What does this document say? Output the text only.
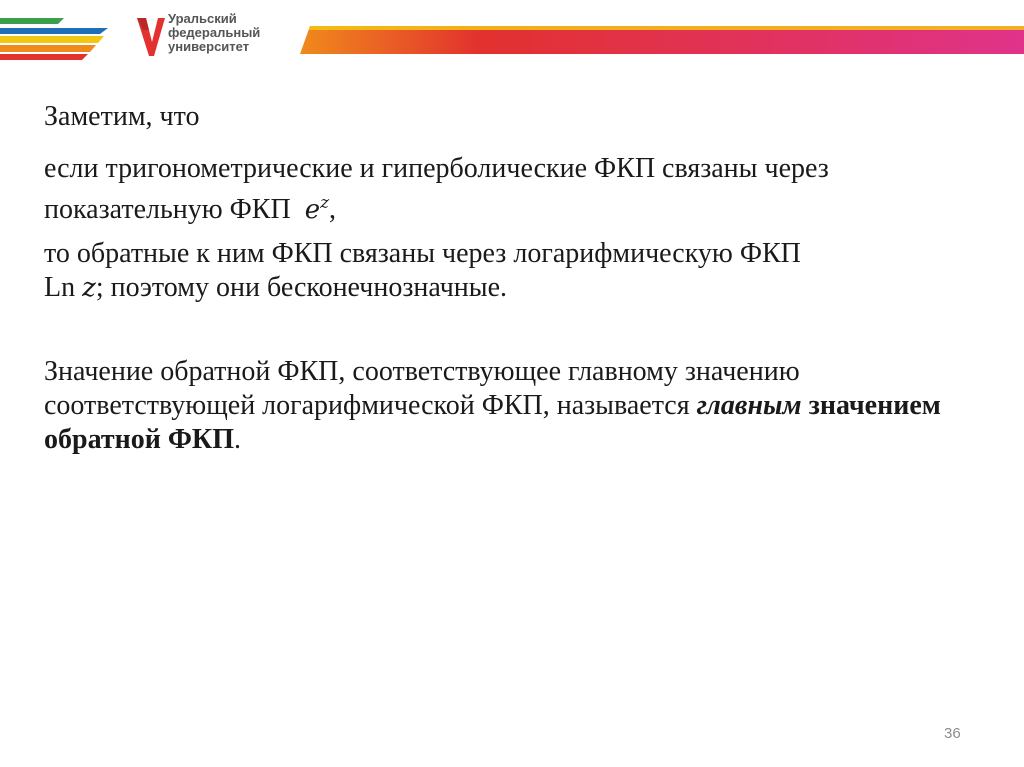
Уральский
федеральный
университет

Заметим, что

если тригонометрические и гиперболические ФКП связаны через показательную ФКП $e^z$,

то обратные к ним ФКП связаны через логарифмическую ФКП
Ln z; поэтому они бесконечнозначные.

Значение обратной ФКП, соответствующее главному значению соответствующей логарифмической ФКП, называется главным значением обратной ФКП.

36
